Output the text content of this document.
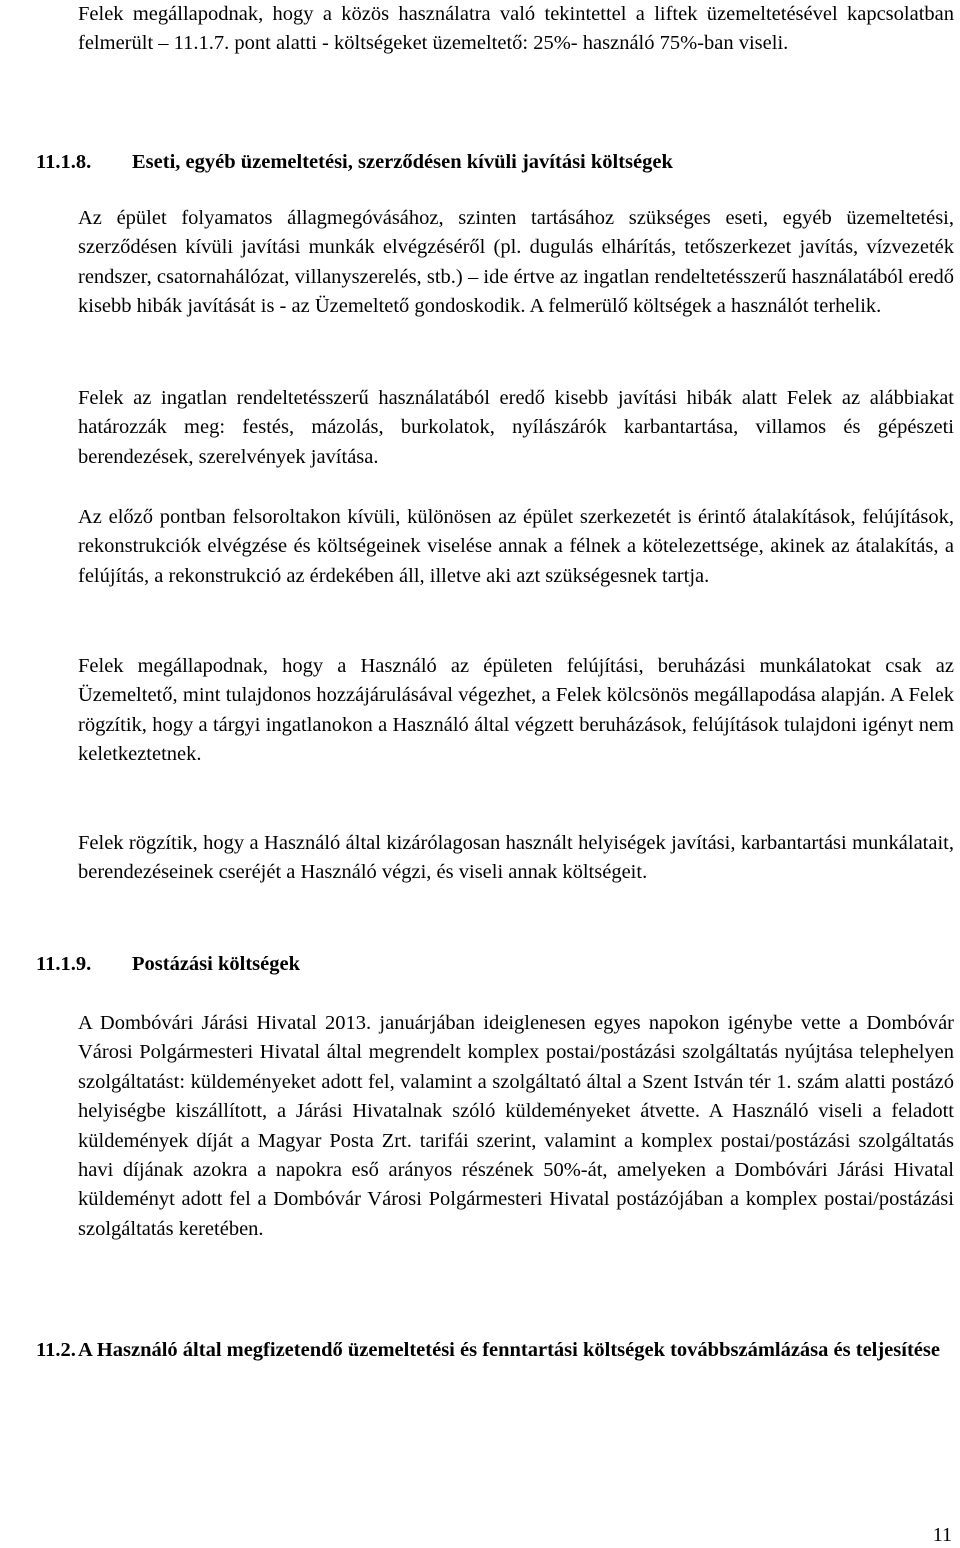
Felek megállapodnak, hogy a közös használatra való tekintettel a liftek üzemeltetésével kapcsolatban felmerült – 11.1.7. pont alatti - költségeket üzemeltető: 25%- használó 75%-ban viseli.

11.1.8. Eseti, egyéb üzemeltetési, szerződésen kívüli javítási költségek

Az épület folyamatos állagmegóvásához, szinten tartásához szükséges eseti, egyéb üzemeltetési, szerződésen kívüli javítási munkák elvégzéséről (pl. dugulás elhárítás, tetőszerkezet javítás, vízvezeték rendszer, csatornahálózat, villanyszerelés, stb.) – ide értve az ingatlan rendeltetésszerű használatából eredő kisebb hibák javítását is - az Üzemeltető gondoskodik. A felmerülő költségek a használót terhelik.

Felek az ingatlan rendeltetésszerű használatából eredő kisebb javítási hibák alatt Felek az alábbiakat határozzák meg: festés, mázolás, burkolatok, nyílászárók karbantartása, villamos és gépészeti berendezések, szerelvények javítása.

Az előző pontban felsoroltakon kívüli, különösen az épület szerkezetét is érintő átalakítások, felújítások, rekonstrukciók elvégzése és költségeinek viselése annak a félnek a kötelezettsége, akinek az átalakítás, a felújítás, a rekonstrukció az érdekében áll, illetve aki azt szükségesnek tartja.

Felek megállapodnak, hogy a Használó az épületen felújítási, beruházási munkálatokat csak az Üzemeltető, mint tulajdonos hozzájárulásával végezhet, a Felek kölcsönös megállapodása alapján. A Felek rögzítik, hogy a tárgyi ingatlanokon a Használó által végzett beruházások, felújítások tulajdoni igényt nem keletkeztetnek.

Felek rögzítik, hogy a Használó által kizárólagosan használt helyiségek javítási, karbantartási munkálatait, berendezéseinek cseréjét a Használó végzi, és viseli annak költségeit.

11.1.9. Postázási költségek

A Dombóvári Járási Hivatal 2013. januárjában ideiglenesen egyes napokon igénybe vette a Dombóvár Városi Polgármesteri Hivatal által megrendelt komplex postai/postázási szolgáltatás nyújtása telephelyen szolgáltatást: küldeményeket adott fel, valamint a szolgáltató által a Szent István tér 1. szám alatti postázó helyiségbe kiszállított, a Járási Hivatalnak szóló küldeményeket átvette. A Használó viseli a feladott küldemények díját a Magyar Posta Zrt. tarifái szerint, valamint a komplex postai/postázási szolgáltatás havi díjának azokra a napokra eső arányos részének 50%-át, amelyeken a Dombóvári Járási Hivatal küldeményt adott fel a Dombóvár Városi Polgármesteri Hivatal postázójában a komplex postai/postázási szolgáltatás keretében.

11.2. A Használó által megfizetendő üzemeltetési és fenntartási költségek továbbszámlázása és teljesítése
11
